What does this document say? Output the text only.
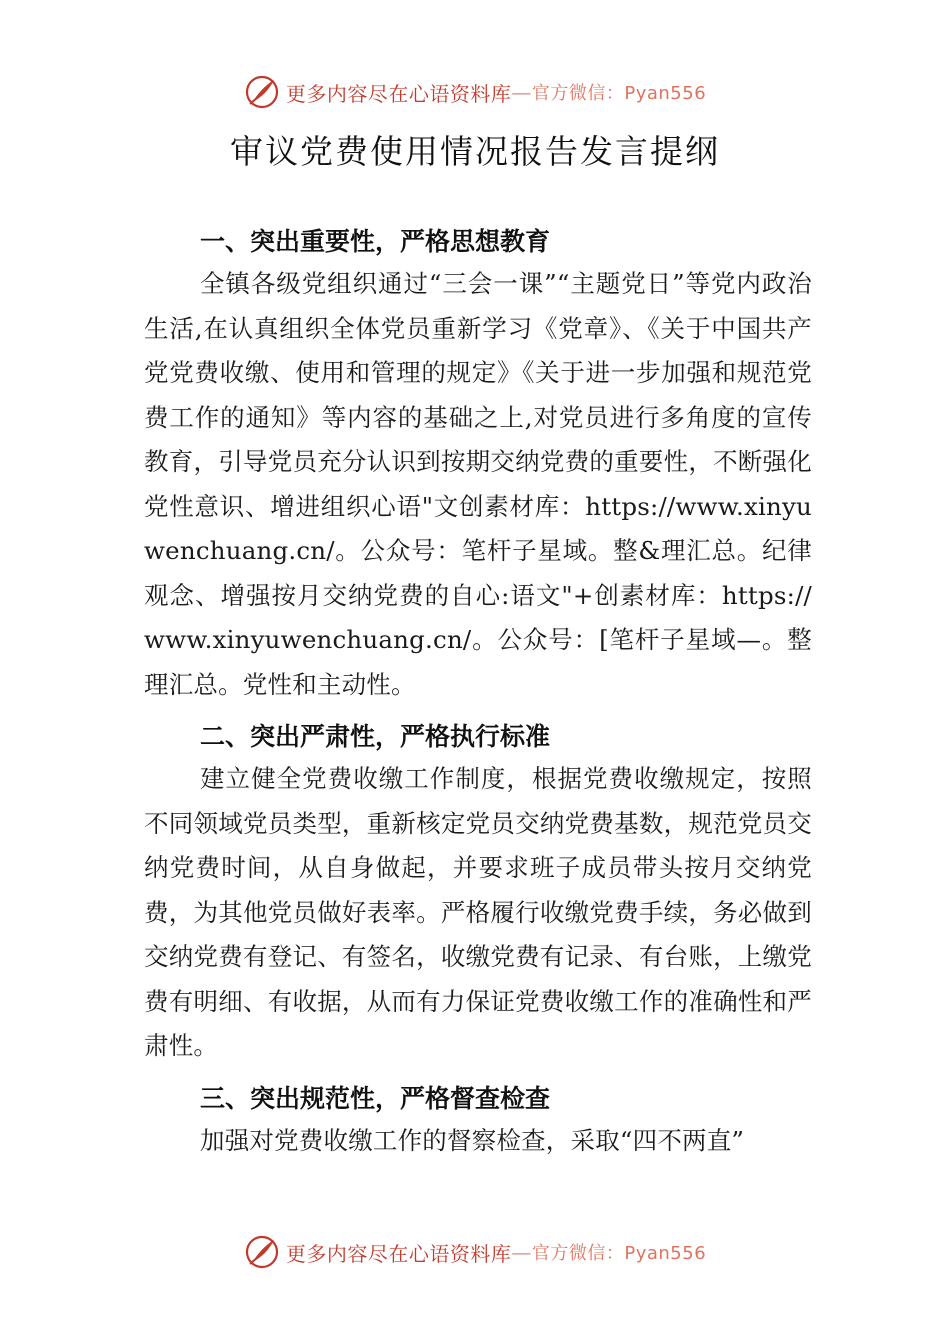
更多内容尽在心语资料库 — 官方微信：Pyan556
审议党费使用情况报告发言提纲
一、突出重要性，严格思想教育

全镇各级党组织通过“三会一课”“主题党日”等党内政治生活,在认真组织全体党员重新学习《党章》、《关于中国共产党党费收缴、使用和管理的规定》《关于进一步加强和规范党费工作的通知》等内容的基础之上,对党员进行多角度的宣传教育，引导党员充分认识到按期交纳党费的重要性，不断强化党性意识、增进组织心语"文创素材库：https://www.xinyuwenchuang.cn/。公众号：笔杆子星域。整&理汇总。纪律观念、增强按月交纳党费的自心:语文"+创素材库：https:// www.xinyuwenchuang.cn/。公众号：[笔杆子星域—。整理汇总。党性和主动性。

二、突出严肃性，严格执行标准

建立健全党费收缴工作制度，根据党费收缴规定，按照不同领域党员类型，重新核定党员交纳党费基数，规范党员交纳党费时间，从自身做起，并要求班子成员带头按月交纳党费，为其他党员做好表率。严格履行收缴党费手续，务必做到交纳党费有登记、有签名，收缴党费有记录、有台账，上缴党费有明细、有收据，从而有力保证党费收缴工作的准确性和严肃性。

三、突出规范性，严格督查检查

加强对党费收缴工作的督察检查，采取“四不两直”

更多内容尽在心语资料库 — 官方微信：Pyan556
